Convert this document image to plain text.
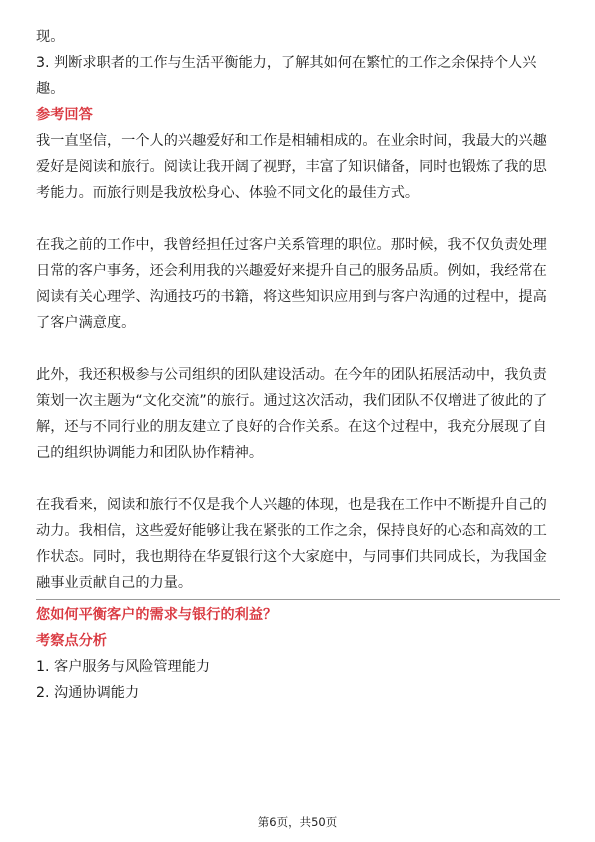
现。
3. 判断求职者的工作与生活平衡能力，了解其如何在繁忙的工作之余保持个人兴
趣。
参考回答
我一直坚信，一个人的兴趣爱好和工作是相辅相成的。在业余时间，我最大的兴趣
爱好是阅读和旅行。阅读让我开阔了视野，丰富了知识储备，同时也锻炼了我的思
考能力。而旅行则是我放松身心、体验不同文化的最佳方式。
在我之前的工作中，我曾经担任过客户关系管理的职位。那时候，我不仅负责处理
日常的客户事务，还会利用我的兴趣爱好来提升自己的服务品质。例如，我经常在
阅读有关心理学、沟通技巧的书籍，将这些知识应用到与客户沟通的过程中，提高
了客户满意度。
此外，我还积极参与公司组织的团队建设活动。在今年的团队拓展活动中，我负责
策划一次主题为“文化交流”的旅行。通过这次活动，我们团队不仅增进了彼此的了
解，还与不同行业的朋友建立了良好的合作关系。在这个过程中，我充分展现了自
己的组织协调能力和团队协作精神。
在我看来，阅读和旅行不仅是我个人兴趣的体现，也是我在工作中不断提升自己的
动力。我相信，这些爱好能够让我在紧张的工作之余，保持良好的心态和高效的工
作状态。同时，我也期待在华夏银行这个大家庭中，与同事们共同成长，为我国金
融事业贡献自己的力量。
您如何平衡客户的需求与银行的利益？
考察点分析
1. 客户服务与风险管理能力
2. 沟通协调能力
第6页，共50页
